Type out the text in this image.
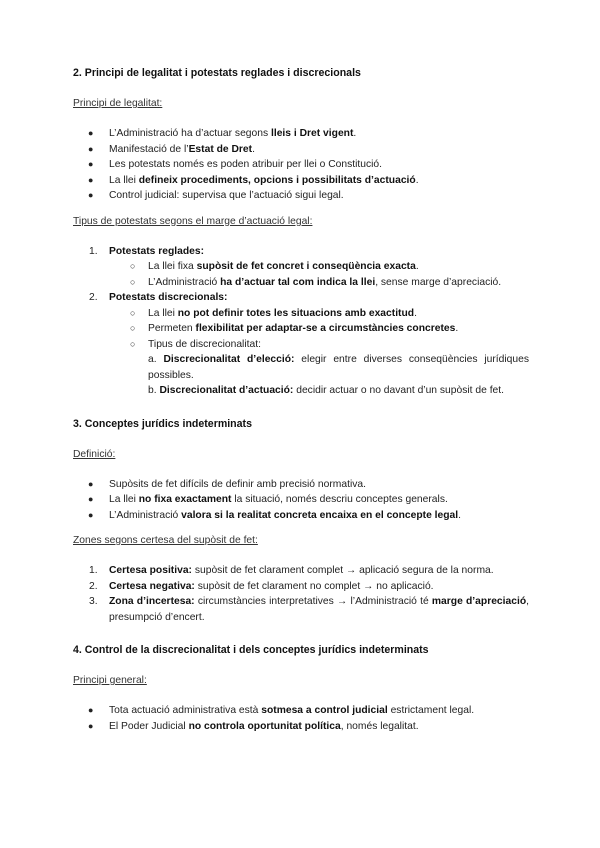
2. Principi de legalitat i potestats reglades i discrecionals

Principi de legalitat:

● L’Administració ha d’actuar segons lleis i Dret vigent.
● Manifestació de l’Estat de Dret.
● Les potestats només es poden atribuir per llei o Constitució.
● La llei defineix procediments, opcions i possibilitats d’actuació.
● Control judicial: supervisa que l’actuació sigui legal.

Tipus de potestats segons el marge d’actuació legal:

1. Potestats reglades:
○ La llei fixa supòsit de fet concret i conseqüència exacta.
○ L’Administració ha d’actuar tal com indica la llei, sense marge d’apreciació.
2. Potestats discrecionals:
○ La llei no pot definir totes les situacions amb exactitud.
○ Permeten flexibilitat per adaptar-se a circumstàncies concretes.
○ Tipus de discrecionalitat:
a. Discrecionalitat d’elecció: elegir entre diverses conseqüències jurídiques possibles.
b. Discrecionalitat d’actuació: decidir actuar o no davant d’un supòsit de fet.
3. Conceptes jurídics indeterminats

Definició:

● Supòsits de fet difícils de definir amb precisió normativa.
● La llei no fixa exactament la situació, només descriu conceptes generals.
● L’Administració valora si la realitat concreta encaixa en el concepte legal.

Zones segons certesa del supòsit de fet:

1. Certesa positiva: supòsit de fet clarament complet → aplicació segura de la norma.
2. Certesa negativa: supòsit de fet clarament no complet → no aplicació.
3. Zona d’incertesa: circumstàncies interpretatives → l’Administració té marge d’apreciació, presumpció d’encert.
4. Control de la discrecionalitat i dels conceptes jurídics indeterminats

Principi general:

● Tota actuació administrativa està sotmesa a control judicial estrictament legal.
● El Poder Judicial no controla oportunitat política, només legalitat.
